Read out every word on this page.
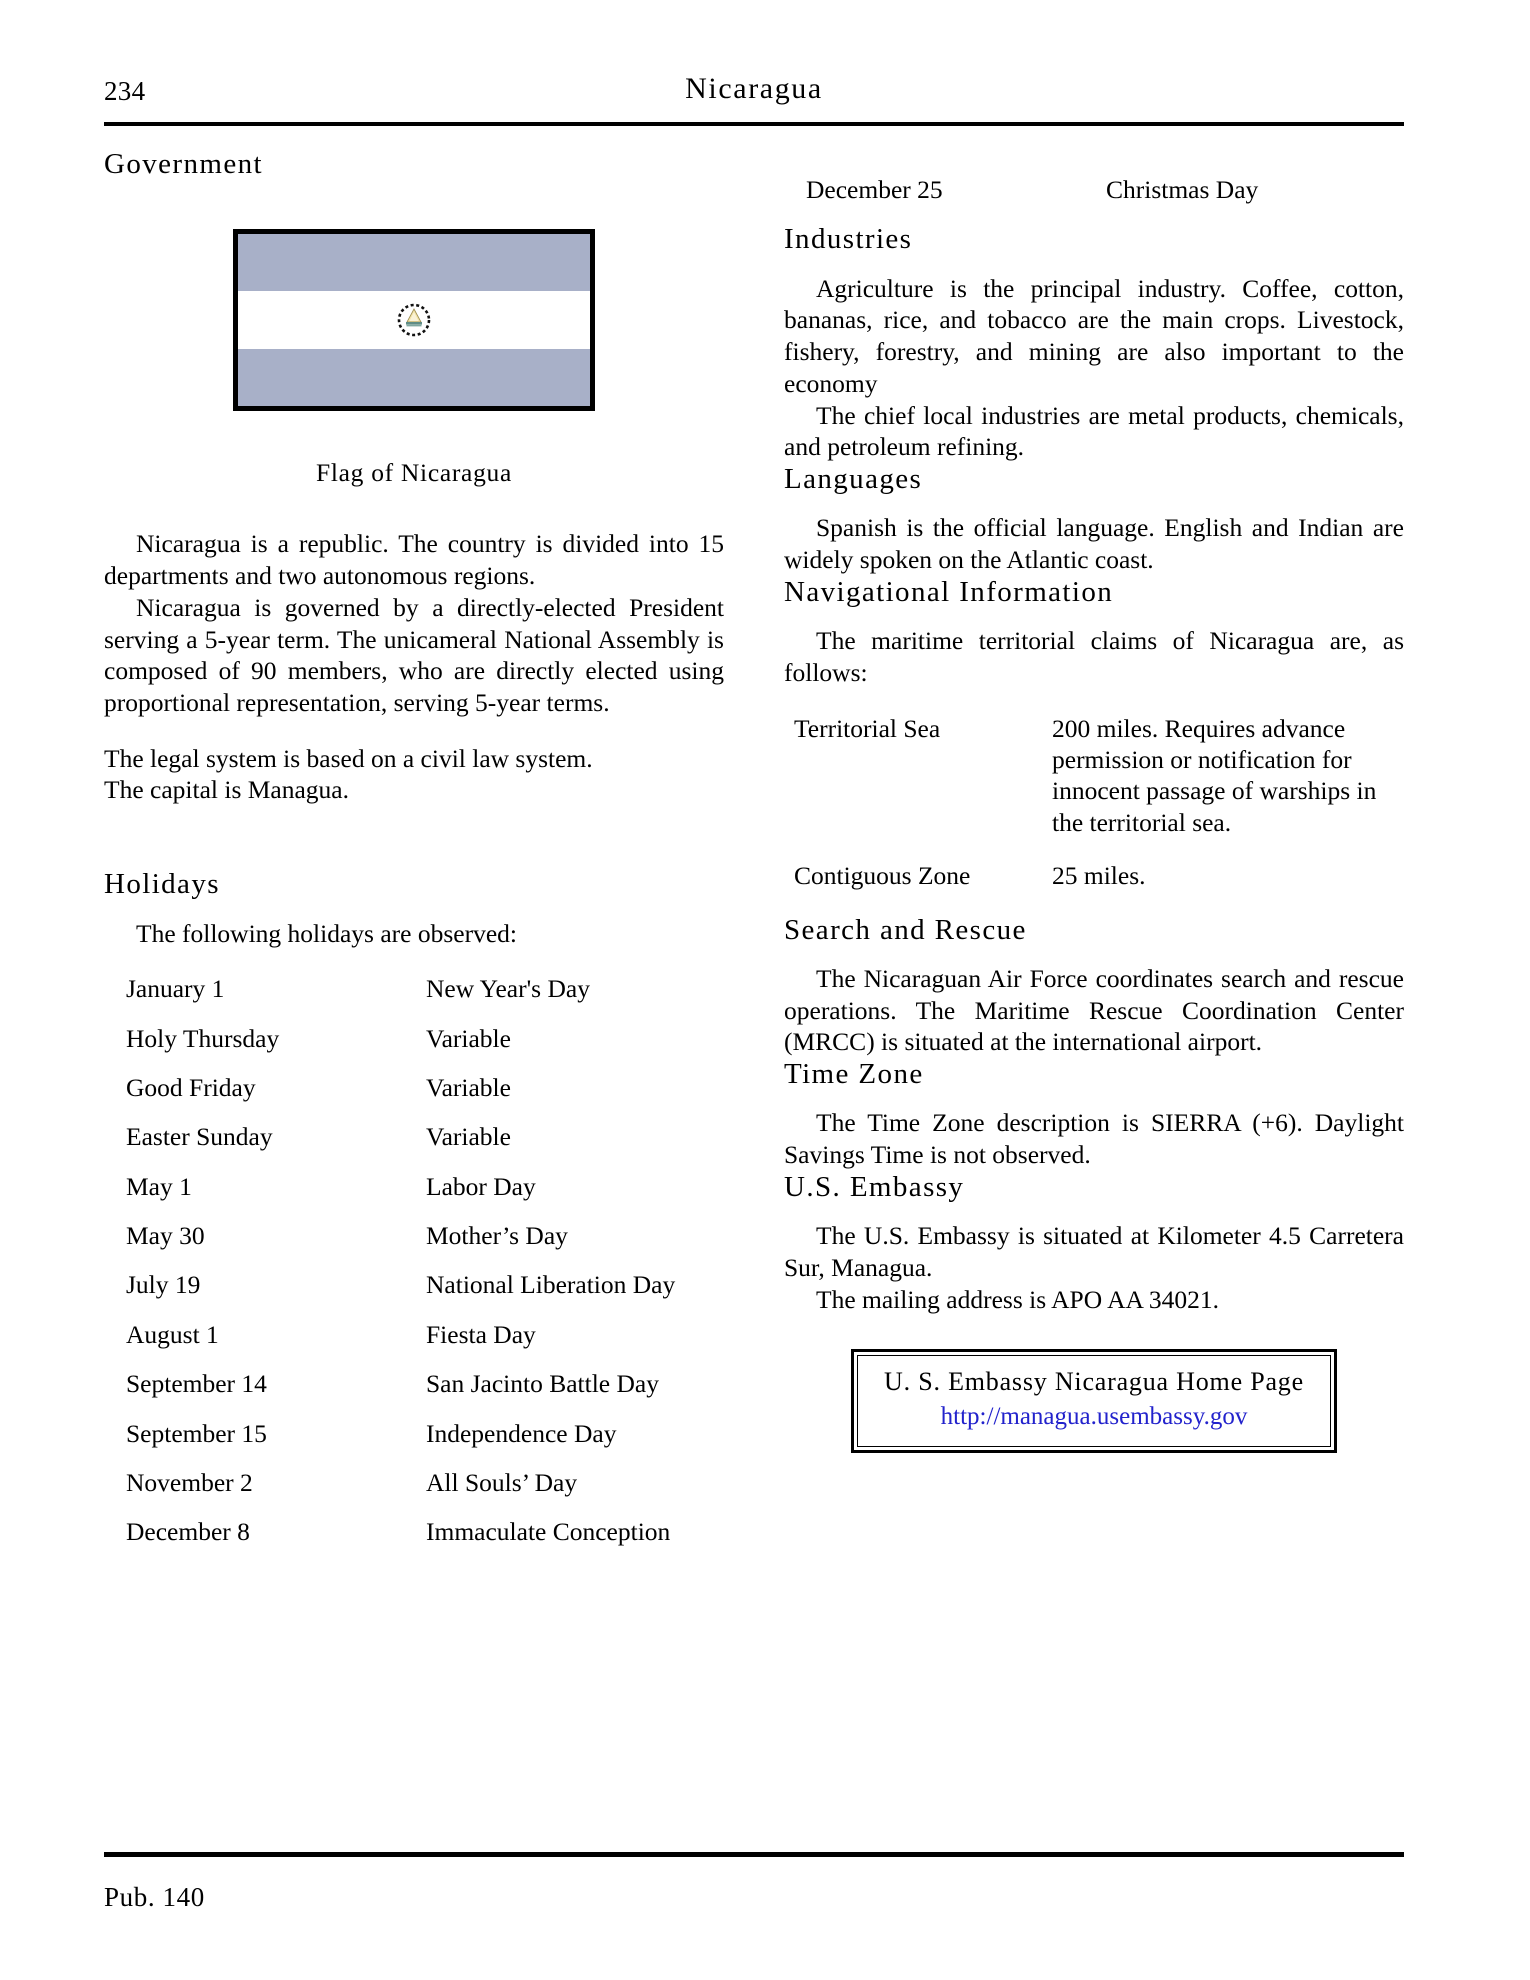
234	Nicaragua
Government
Flag of Nicaragua

Nicaragua is a republic. The country is divided into 15 departments and two autonomous regions.

Nicaragua is governed by a directly-elected President serving a 5-year term. The unicameral National Assembly is composed of 90 members, who are directly elected using proportional representation, serving 5-year terms.

The legal system is based on a civil law system.

The capital is Managua.

Holidays

The following holidays are observed:

January 1	New Year's Day
Holy Thursday	Variable
Good Friday	Variable
Easter Sunday	Variable
May 1	Labor Day
May 30	Mother’s Day
July 19	National Liberation Day
August 1	Fiesta Day
September 14	San Jacinto Battle Day
September 15	Independence Day
November 2	All Souls’ Day
December 8	Immaculate Conception
December 25	Christmas Day
Industries

Agriculture is the principal industry. Coffee, cotton, bananas, rice, and tobacco are the main crops. Livestock, fishery, forestry, and mining are also important to the economy

The chief local industries are metal products, chemicals, and petroleum refining.

Languages

Spanish is the official language. English and Indian are widely spoken on the Atlantic coast.

Navigational Information

The maritime territorial claims of Nicaragua are, as follows:

Territorial Sea	200 miles. Requires advance permission or notification for innocent passage of warships in the territorial sea.
Contiguous Zone	25 miles.
Search and Rescue

The Nicaraguan Air Force coordinates search and rescue operations. The Maritime Rescue Coordination Center (MRCC) is situated at the international airport.

Time Zone

The Time Zone description is SIERRA (+6). Daylight Savings Time is not observed.

U.S. Embassy

The U.S. Embassy is situated at Kilometer 4.5 Carretera Sur, Managua.

The mailing address is APO AA 34021.

U. S. Embassy Nicaragua Home Page
http://managua.usembassy.gov
Pub. 140
